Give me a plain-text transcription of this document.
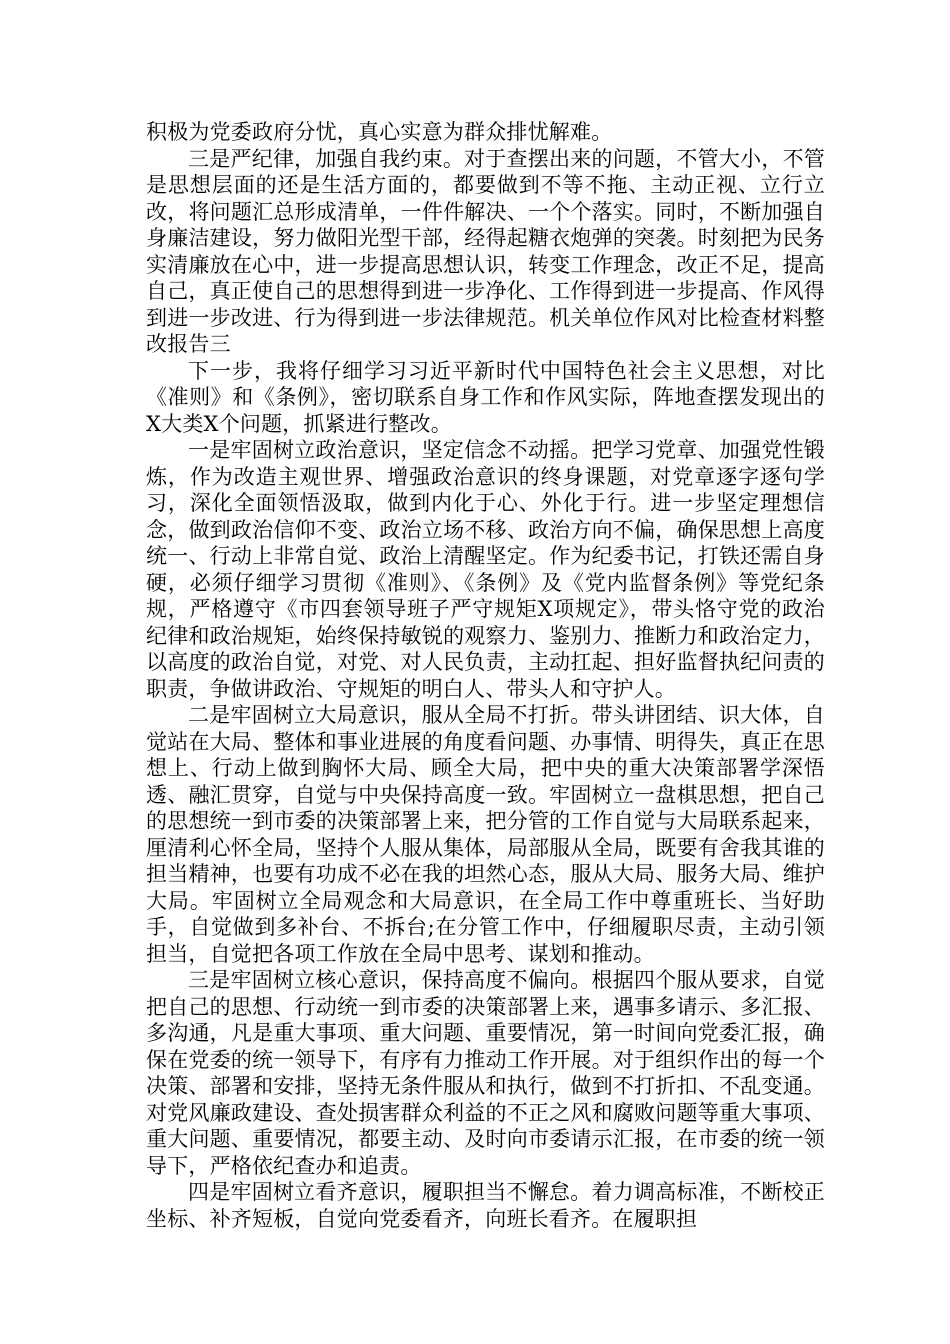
积极为党委政府分忧，真心实意为群众排忧解难。

三是严纪律，加强自我约束。对于查摆出来的问题，不管大小，不管是思想层面的还是生活方面的，都要做到不等不拖、主动正视、立行立改，将问题汇总形成清单，一件件解决、一个个落实。同时，不断加强自身廉洁建设，努力做阳光型干部，经得起糖衣炮弹的突袭。时刻把为民务实清廉放在心中，进一步提高思想认识，转变工作理念，改正不足，提高自己，真正使自己的思想得到进一步净化、工作得到进一步提高、作风得到进一步改进、行为得到进一步法律规范。机关单位作风对比检查材料整改报告三

下一步，我将仔细学习习近平新时代中国特色社会主义思想，对比《准则》和《条例》，密切联系自身工作和作风实际，阵地查摆发现出的X大类X个问题，抓紧进行整改。

一是牢固树立政治意识，坚定信念不动摇。把学习党章、加强党性锻炼，作为改造主观世界、增强政治意识的终身课题，对党章逐字逐句学习，深化全面领悟汲取，做到内化于心、外化于行。进一步坚定理想信念，做到政治信仰不变、政治立场不移、政治方向不偏，确保思想上高度统一、行动上非常自觉、政治上清醒坚定。作为纪委书记，打铁还需自身硬，必须仔细学习贯彻《准则》、《条例》及《党内监督条例》等党纪条规，严格遵守《市四套领导班子严守规矩X项规定》，带头恪守党的政治纪律和政治规矩，始终保持敏锐的观察力、鉴别力、推断力和政治定力，以高度的政治自觉，对党、对人民负责，主动扛起、担好监督执纪问责的职责，争做讲政治、守规矩的明白人、带头人和守护人。

二是牢固树立大局意识，服从全局不打折。带头讲团结、识大体，自觉站在大局、整体和事业进展的角度看问题、办事情、明得失，真正在思想上、行动上做到胸怀大局、顾全大局，把中央的重大决策部署学深悟透、融汇贯穿，自觉与中央保持高度一致。牢固树立一盘棋思想，把自己的思想统一到市委的决策部署上来，把分管的工作自觉与大局联系起来，厘清利心怀全局，坚持个人服从集体，局部服从全局，既要有舍我其谁的担当精神，也要有功成不必在我的坦然心态，服从大局、服务大局、维护大局。牢固树立全局观念和大局意识，在全局工作中尊重班长、当好助手，自觉做到多补台、不拆台;在分管工作中，仔细履职尽责，主动引领担当，自觉把各项工作放在全局中思考、谋划和推动。

三是牢固树立核心意识，保持高度不偏向。根据四个服从要求，自觉把自己的思想、行动统一到市委的决策部署上来，遇事多请示、多汇报、多沟通，凡是重大事项、重大问题、重要情况，第一时间向党委汇报，确保在党委的统一领导下，有序有力推动工作开展。对于组织作出的每一个决策、部署和安排，坚持无条件服从和执行，做到不打折扣、不乱变通。对党风廉政建设、查处损害群众利益的不正之风和腐败问题等重大事项、重大问题、重要情况，都要主动、及时向市委请示汇报，在市委的统一领导下，严格依纪查办和追责。

四是牢固树立看齐意识，履职担当不懈怠。着力调高标准，不断校正坐标、补齐短板，自觉向党委看齐，向班长看齐。在履职担
